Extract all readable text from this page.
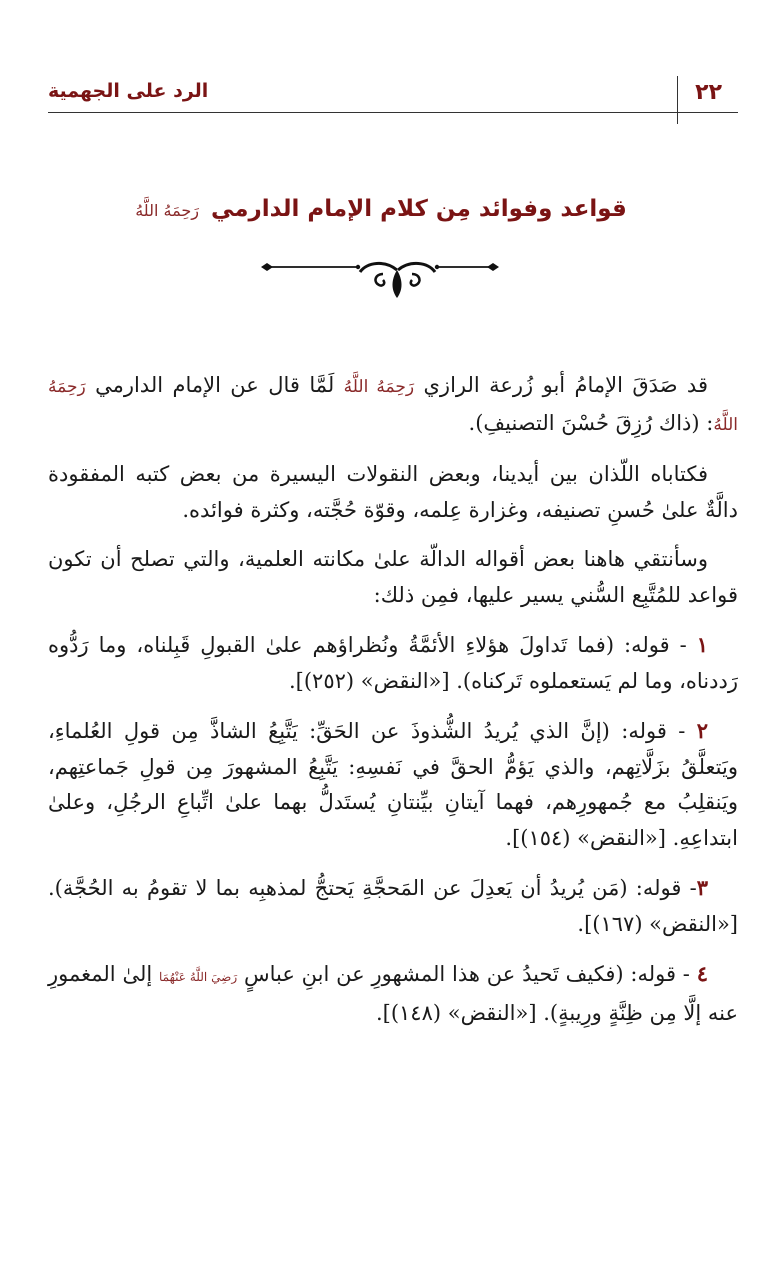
٢٢
الرد على الجهمية
قواعد وفوائد مِن كلام الإمام الدارمي رَحِمَهُ اللَّهُ

قد صَدَقَ الإمامُ أبو زُرعة الرازي رَحِمَهُ اللَّهُ لَمَّا قال عن الإمام الدارمي رَحِمَهُ اللَّهُ: (ذاك رُزِقَ حُسْنَ التصنيفِ).

فكتاباه اللّذان بين أيدينا، وبعض النقولات اليسيرة من بعض كتبه المفقودة دالَّةٌ علىٰ حُسنِ تصنيفه، وغزارة عِلمه، وقوّة حُجَّته، وكثرة فوائده.

وسأنتقي هاهنا بعض أقواله الدالّة علىٰ مكانته العلمية، والتي تصلح أن تكون قواعد للمُتَّبِع السُّني يسير عليها، فمِن ذلك:

١ - قوله: (فما تَداولَ هؤلاءِ الأئمَّةُ ونُظراؤهم علىٰ القبولِ قَبِلناه، وما رَدُّوه رَددناه، وما لم يَستعملوه تَركناه). [«النقض» (٢٥٢)].

٢ - قوله: (إنَّ الذي يُريدُ الشُّذوذَ عن الحَقِّ: يَتَّبِعُ الشاذَّ مِن قولِ العُلماءِ، ويَتعلَّقُ بزَلَّاتِهم، والذي يَؤمُّ الحقَّ في نَفسِهِ: يَتَّبِعُ المشهورَ مِن قولِ جَماعتِهم، ويَنقلِبُ مع جُمهورِهم، فهما آيتانِ بيِّنتانِ يُستَدلُّ بهما علىٰ اتِّباعِ الرجُلِ، وعلىٰ ابتداعِهِ. [«النقض» (١٥٤)].

٣- قوله: (مَن يُريدُ أن يَعدِلَ عن المَحجَّةِ يَحتجُّ لمذهبِه بما لا تقومُ به الحُجَّة). [«النقض» (١٦٧)].

٤ - قوله: (فكيف تَحيدُ عن هذا المشهورِ عن ابنِ عباسٍ رَضِيَ اللَّهُ عَنْهُمَا إلىٰ المغمورِ عنه إلَّا مِن ظِنَّةٍ ورِيبةٍ). [«النقض» (١٤٨)].
